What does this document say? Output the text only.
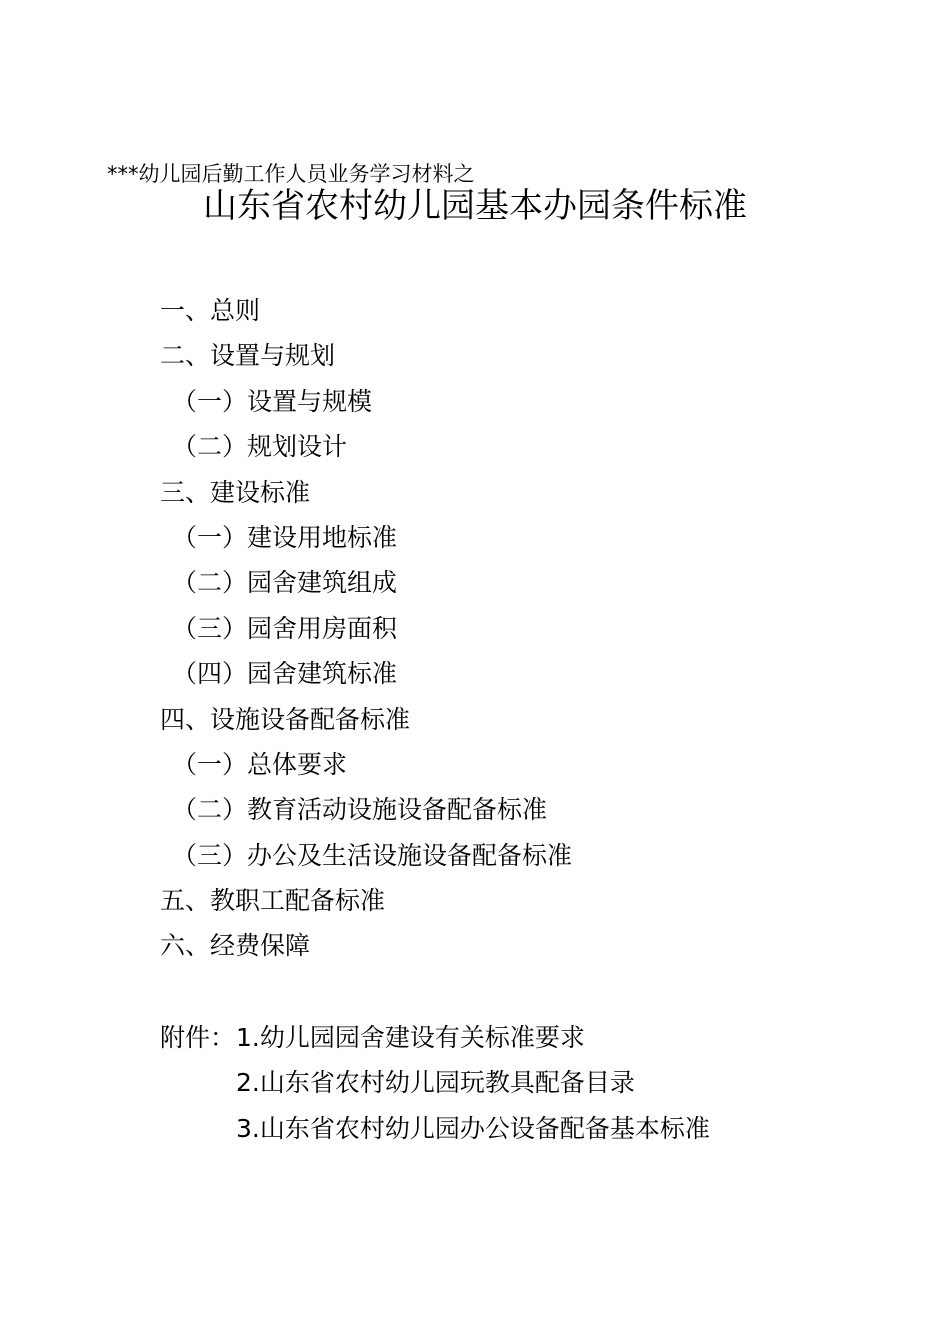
***幼儿园后勤工作人员业务学习材料之
山东省农村幼儿园基本办园条件标准
一、总则
二、设置与规划
（一）设置与规模
（二）规划设计
三、建设标准
（一）建设用地标准
（二）园舍建筑组成
（三）园舍用房面积
（四）园舍建筑标准
四、设施设备配备标准
（一）总体要求
（二）教育活动设施设备配备标准
（三）办公及生活设施设备配备标准
五、教职工配备标准
六、经费保障
附件： 1.幼儿园园舍建设有关标准要求
2.山东省农村幼儿园玩教具配备目录
3.山东省农村幼儿园办公设备配备基本标准
